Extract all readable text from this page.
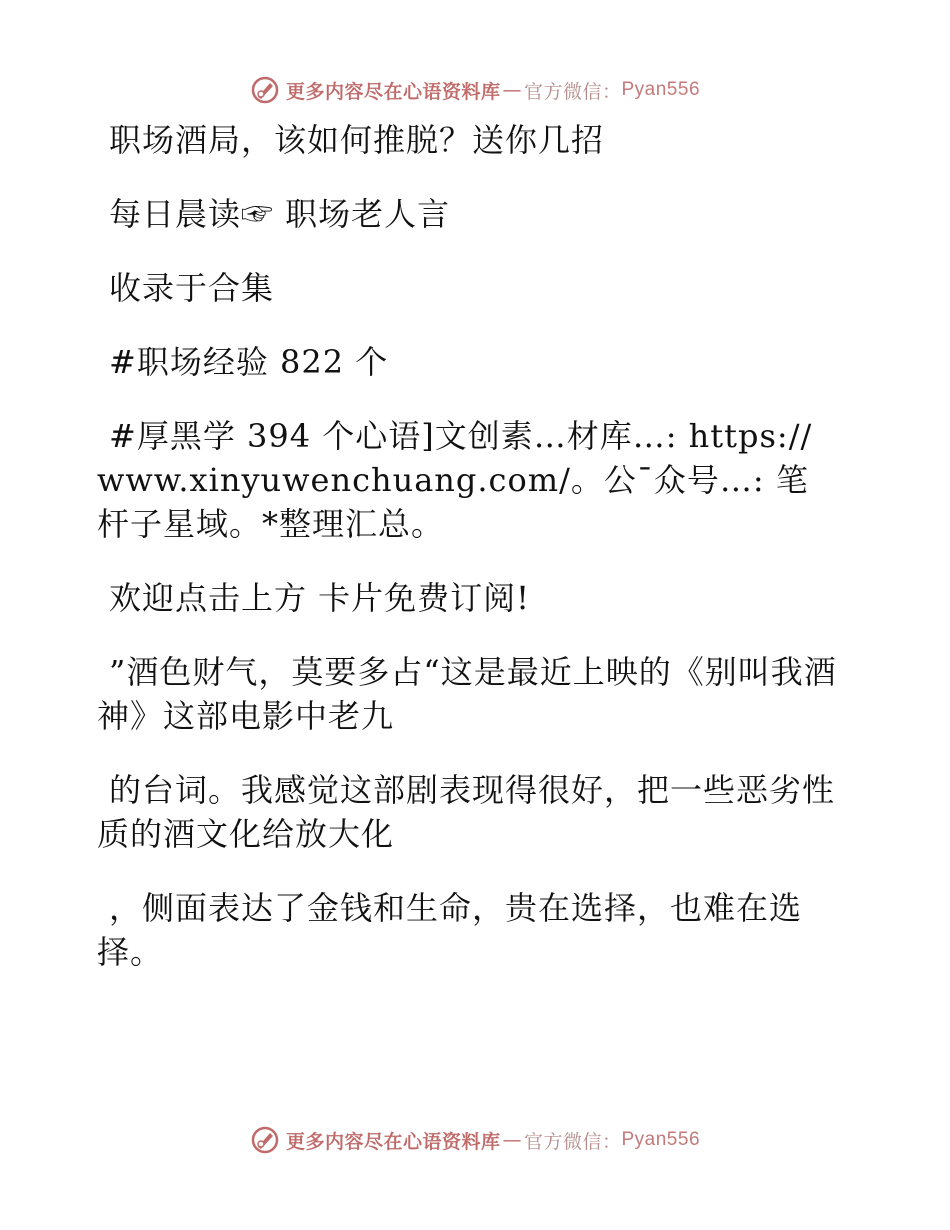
更多内容尽在心语资料库 — 官方微信： Pyan556

职场酒局，该如何推脱？送你几招

每日晨读☞ 职场老人言

收录于合集

#职场经验 822 个

#厚黑学 394 个心语]文创素…材库…: https://www.xinyuwenchuang.com/。公¯众号…: 笔杆子星域。*整理汇总。

欢迎点击上方 卡片免费订阅!

”酒色财气，莫要多占“这是最近上映的《别叫我酒神》这部电影中老九

的台词。我感觉这部剧表现得很好，把一些恶劣性质的酒文化给放大化

，侧面表达了金钱和生命，贵在选择，也难在选择。

更多内容尽在心语资料库 — 官方微信： Pyan556
